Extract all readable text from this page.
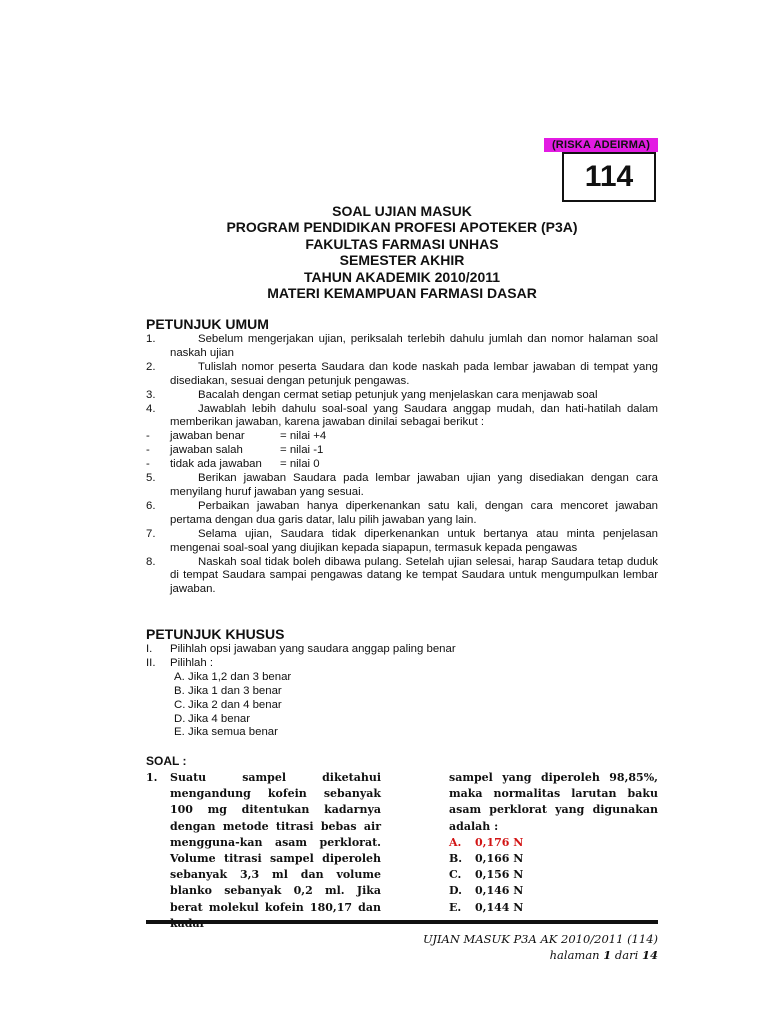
(RISKA ADEIRMA)
114
SOAL UJIAN MASUK
PROGRAM PENDIDIKAN PROFESI APOTEKER (P3A)
FAKULTAS FARMASI UNHAS
SEMESTER AKHIR
TAHUN AKADEMIK 2010/2011
MATERI KEMAMPUAN FARMASI DASAR
PETUNJUK UMUM
1.	Sebelum mengerjakan ujian, periksalah terlebih dahulu jumlah dan nomor halaman soal naskah ujian
2.	Tulislah nomor peserta Saudara dan kode naskah pada lembar jawaban di tempat yang disediakan, sesuai dengan petunjuk pengawas.
3.	Bacalah dengan cermat setiap petunjuk yang menjelaskan cara menjawab soal
4.	Jawablah lebih dahulu soal-soal yang Saudara anggap mudah, dan hati-hatilah dalam memberikan jawaban, karena jawaban dinilai sebagai berikut :
-	jawaban benar	= nilai +4
-	jawaban salah	= nilai -1
-	tidak ada jawaban	= nilai 0
5.	Berikan jawaban Saudara pada lembar jawaban ujian yang disediakan dengan cara menyilang huruf jawaban yang sesuai.
6.	Perbaikan jawaban hanya diperkenankan satu kali, dengan cara mencoret jawaban pertama dengan dua garis datar, lalu pilih jawaban yang lain.
7.	Selama ujian, Saudara tidak diperkenankan untuk bertanya atau minta penjelasan mengenai soal-soal yang diujikan kepada siapapun, termasuk kepada pengawas
8.	Naskah soal tidak boleh dibawa pulang. Setelah ujian selesai, harap Saudara tetap duduk di tempat Saudara sampai pengawas datang ke tempat Saudara untuk mengumpulkan lembar jawaban.
PETUNJUK KHUSUS
I.	Pilihlah opsi jawaban yang saudara anggap paling benar
II.	Pilihlah :
A. Jika 1,2 dan 3 benar
B. Jika 1 dan 3 benar
C. Jika 2 dan 4 benar
D. Jika 4 benar
E. Jika semua benar
SOAL :
1. Suatu sampel diketahui mengandung kofein sebanyak 100 mg ditentukan kadarnya dengan metode titrasi bebas air mengguna-kan asam perklorat. Volume titrasi sampel diperoleh sebanyak 3,3 ml dan volume blanko sebanyak 0,2 ml. Jika berat molekul kofein 180,17 dan
sampel yang diperoleh 98,85%, maka normalitas larutan baku asam perklorat yang digunakan adalah :
A.	0,176 N
B.	0,166 N
C.	0,156 N
D.	0,146 N
E.	0,144 N
UJIAN MASUK P3A AK 2010/2011 (114)
halaman 1 dari 14
